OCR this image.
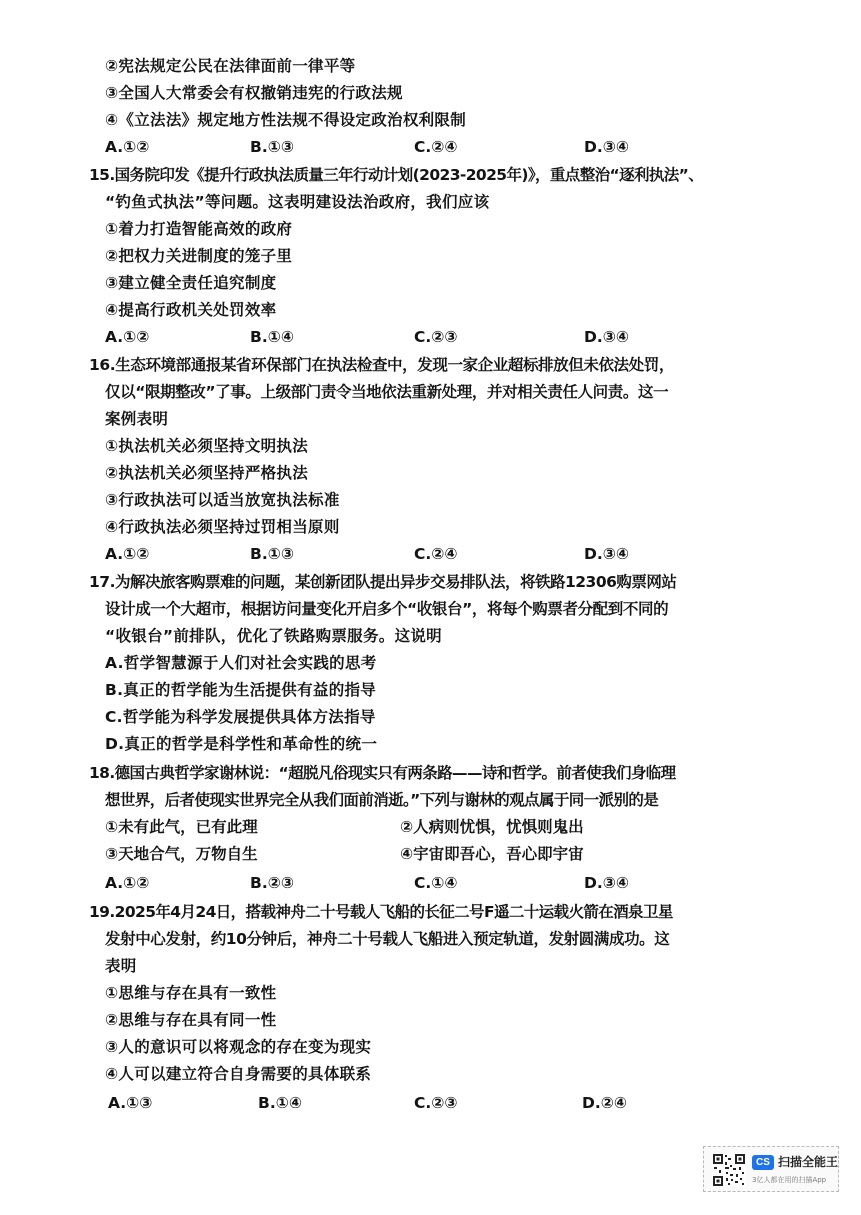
②宪法规定公民在法律面前一律平等
③全国人大常委会有权撤销违宪的行政法规
④《立法法》规定地方性法规不得设定政治权利限制
A.①②	B.①③	C.②④	D.③④
15.国务院印发《提升行政执法质量三年行动计划(2023-2025年)》，重点整治“逐利执法”、
“钓鱼式执法”等问题。这表明建设法治政府，我们应该
①着力打造智能高效的政府
②把权力关进制度的笼子里
③建立健全责任追究制度
④提高行政机关处罚效率
A.①②	B.①④	C.②③	D.③④
16.生态环境部通报某省环保部门在执法检查中，发现一家企业超标排放但未依法处罚，
仅以“限期整改”了事。上级部门责令当地依法重新处理，并对相关责任人问责。这一
案例表明
①执法机关必须坚持文明执法
②执法机关必须坚持严格执法
③行政执法可以适当放宽执法标准
④行政执法必须坚持过罚相当原则
A.①②	B.①③	C.②④	D.③④
17.为解决旅客购票难的问题，某创新团队提出异步交易排队法，将铁路12306购票网站
设计成一个大超市，根据访问量变化开启多个“收银台”，将每个购票者分配到不同的
“收银台”前排队，优化了铁路购票服务。这说明
A.哲学智慧源于人们对社会实践的思考
B.真正的哲学能为生活提供有益的指导
C.哲学能为科学发展提供具体方法指导
D.真正的哲学是科学性和革命性的统一
18.德国古典哲学家谢林说：“超脱凡俗现实只有两条路——诗和哲学。前者使我们身临理
想世界，后者使现实世界完全从我们面前消逝。”下列与谢林的观点属于同一派别的是
①未有此气，已有此理	②人病则忧惧，忧惧则鬼出
③天地合气，万物自生	④宇宙即吾心，吾心即宇宙
A.①②	B.②③	C.①④	D.③④
19.2025年4月24日，搭载神舟二十号载人飞船的长征二号F遥二十运载火箭在酒泉卫星
发射中心发射，约10分钟后，神舟二十号载人飞船进入预定轨道，发射圆满成功。这
表明
①思维与存在具有一致性
②思维与存在具有同一性
③人的意识可以将观念的存在变为现实
④人可以建立符合自身需要的具体联系
A.①③	B.①④	C.②③	D.②④
CS 扫描全能王
3亿人都在用的扫描App
